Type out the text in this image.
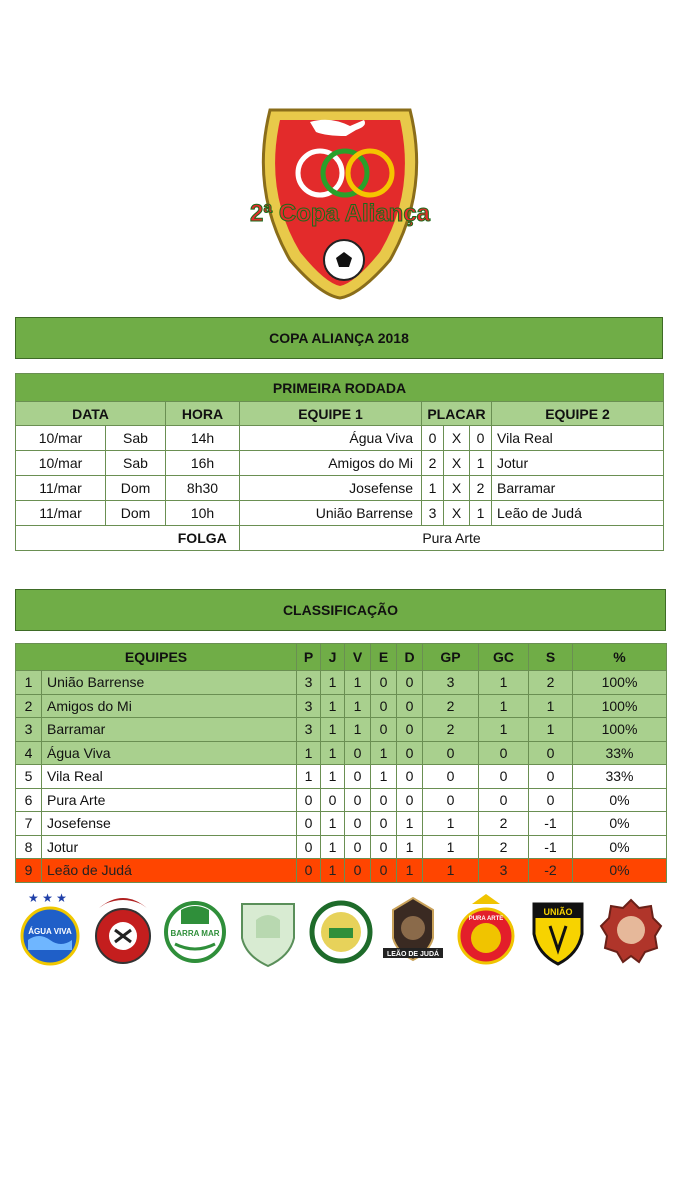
2ª Copa Aliança
COPA ALIANÇA 2018
PRIMEIRA RODADA							
DATA		HORA	EQUIPE 1	PLACAR			EQUIPE 2
10/mar	Sab	14h	Água Viva	0	X	0	Vila Real
10/mar	Sab	16h	Amigos do Mi	2	X	1	Jotur
11/mar	Dom	8h30	Josefense	1	X	2	Barramar
11/mar	Dom	10h	União Barrense	3	X	1	Leão de Judá
		FOLGA	Pura Arte				
CLASSIFICAÇÃO
EQUIPES		P	J	V	E	D	GP	GC	S	%
1	União Barrense	3	1	1	0	0	3	1	2	100%
2	Amigos do Mi	3	1	1	0	0	2	1	1	100%
3	Barramar	3	1	1	0	0	2	1	1	100%
4	Água Viva	1	1	0	1	0	0	0	0	33%
5	Vila Real	1	1	0	1	0	0	0	0	33%
6	Pura Arte	0	0	0	0	0	0	0	0	0%
7	Josefense	0	1	0	0	1	1	2	-1	0%
8	Jotur	0	1	0	0	1	1	2	-1	0%
9	Leão de Judá	0	1	0	0	1	1	3	-2	0%
★ ★ ★
ÁGUA VIVA	BARRA MAR
LEÃO DE JUDÁ
PURA ARTE
UNIÃO
